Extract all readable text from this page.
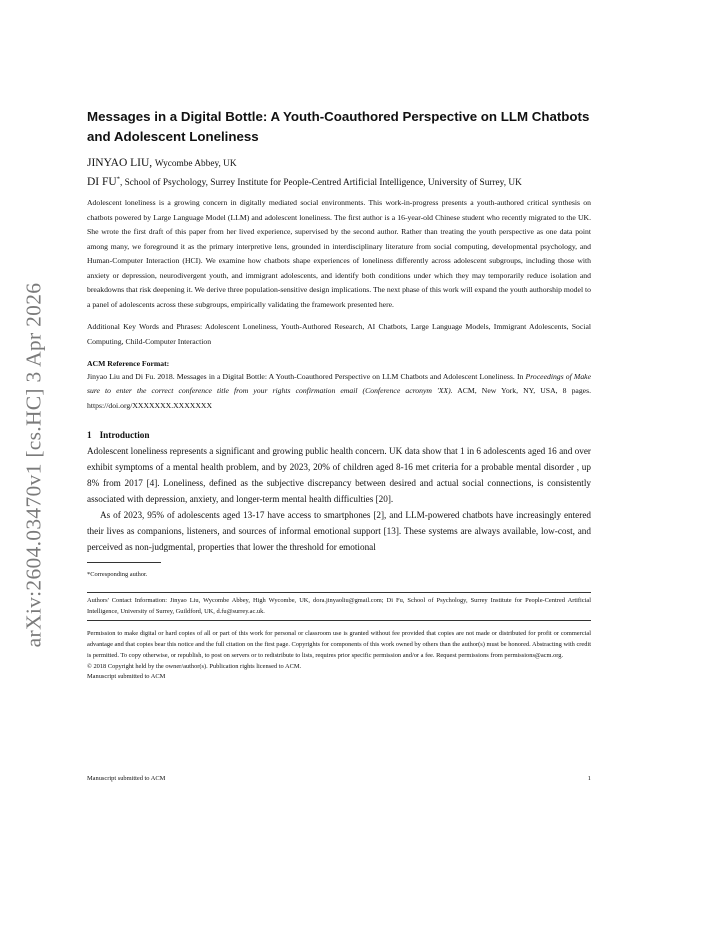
arXiv:2604.03470v1 [cs.HC] 3 Apr 2026
Messages in a Digital Bottle: A Youth-Coauthored Perspective on LLM Chatbots and Adolescent Loneliness
JINYAO LIU, Wycombe Abbey, UK
DI FU*, School of Psychology, Surrey Institute for People-Centred Artificial Intelligence, University of Surrey, UK

Adolescent loneliness is a growing concern in digitally mediated social environments. This work-in-progress presents a youth-authored critical synthesis on chatbots powered by Large Language Model (LLM) and adolescent loneliness. The first author is a 16-year-old Chinese student who recently migrated to the UK. She wrote the first draft of this paper from her lived experience, supervised by the second author. Rather than treating the youth perspective as one data point among many, we foreground it as the primary interpretive lens, grounded in interdisciplinary literature from social computing, developmental psychology, and Human-Computer Interaction (HCI). We examine how chatbots shape experiences of loneliness differently across adolescent subgroups, including those with anxiety or depression, neurodivergent youth, and immigrant adolescents, and identify both conditions under which they may temporarily reduce isolation and breakdowns that risk deepening it. We derive three population-sensitive design implications. The next phase of this work will expand the youth authorship model to a panel of adolescents across these subgroups, empirically validating the framework presented here.

Additional Key Words and Phrases: Adolescent Loneliness, Youth-Authored Research, AI Chatbots, Large Language Models, Immigrant Adolescents, Social Computing, Child-Computer Interaction

ACM Reference Format:
Jinyao Liu and Di Fu. 2018. Messages in a Digital Bottle: A Youth-Coauthored Perspective on LLM Chatbots and Adolescent Loneliness. In Proceedings of Make sure to enter the correct conference title from your rights confirmation email (Conference acronym 'XX). ACM, New York, NY, USA, 8 pages. https://doi.org/XXXXXXX.XXXXXXX
1 Introduction

Adolescent loneliness represents a significant and growing public health concern. UK data show that 1 in 6 adolescents aged 16 and over exhibit symptoms of a mental health problem, and by 2023, 20% of children aged 8-16 met criteria for a probable mental disorder , up 8% from 2017 [4]. Loneliness, defined as the subjective discrepancy between desired and actual social connections, is consistently associated with depression, anxiety, and longer-term mental health difficulties [20].

As of 2023, 95% of adolescents aged 13-17 have access to smartphones [2], and LLM-powered chatbots have increasingly entered their lives as companions, listeners, and sources of informal emotional support [13]. These systems are always available, low-cost, and perceived as non-judgmental, properties that lower the threshold for emotional

*Corresponding author.
Authors' Contact Information: Jinyao Liu, Wycombe Abbey, High Wycombe, UK, dora.jinyaoliu@gmail.com; Di Fu, School of Psychology, Surrey Institute for People-Centred Artificial Intelligence, University of Surrey, Guildford, UK, d.fu@surrey.ac.uk.
Permission to make digital or hard copies of all or part of this work for personal or classroom use is granted without fee provided that copies are not made or distributed for profit or commercial advantage and that copies bear this notice and the full citation on the first page. Copyrights for components of this work owned by others than the author(s) must be honored. Abstracting with credit is permitted. To copy otherwise, or republish, to post on servers or to redistribute to lists, requires prior specific permission and/or a fee. Request permissions from permissions@acm.org.
© 2018 Copyright held by the owner/author(s). Publication rights licensed to ACM.
Manuscript submitted to ACM
Manuscript submitted to ACM	1
